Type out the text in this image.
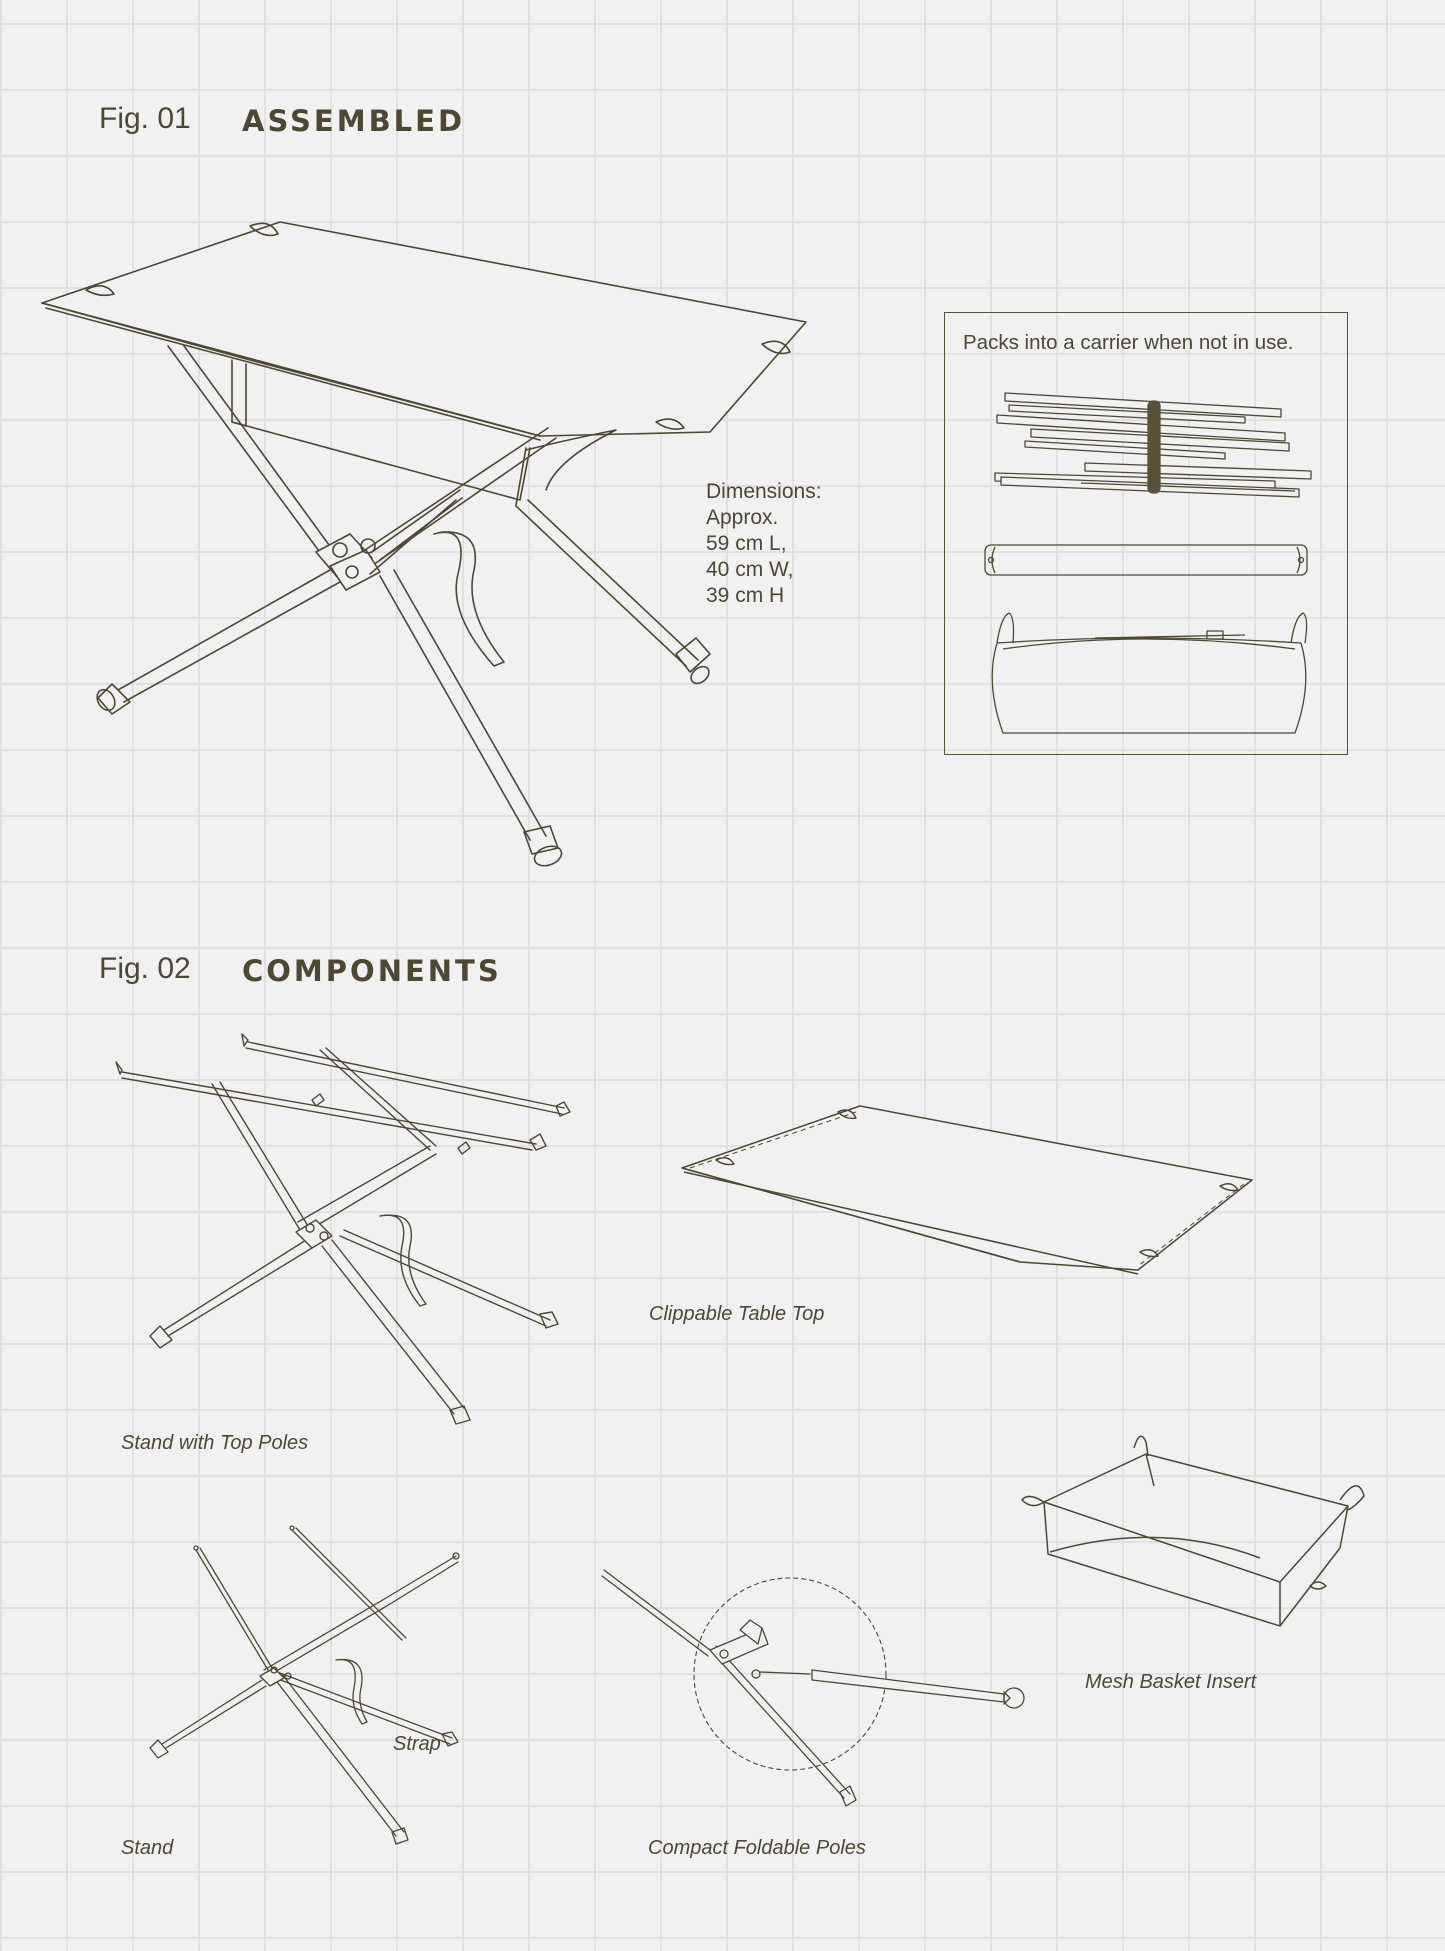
Fig. 01 ASSEMBLED
Dimensions:
Approx.
59 cm L,
40 cm W,
39 cm H
Packs into a carrier when not in use.
Fig. 02 COMPONENTS
Stand with Top Poles
Clippable Table Top
Mesh Basket Insert
Strap
Stand	Compact Foldable Poles
